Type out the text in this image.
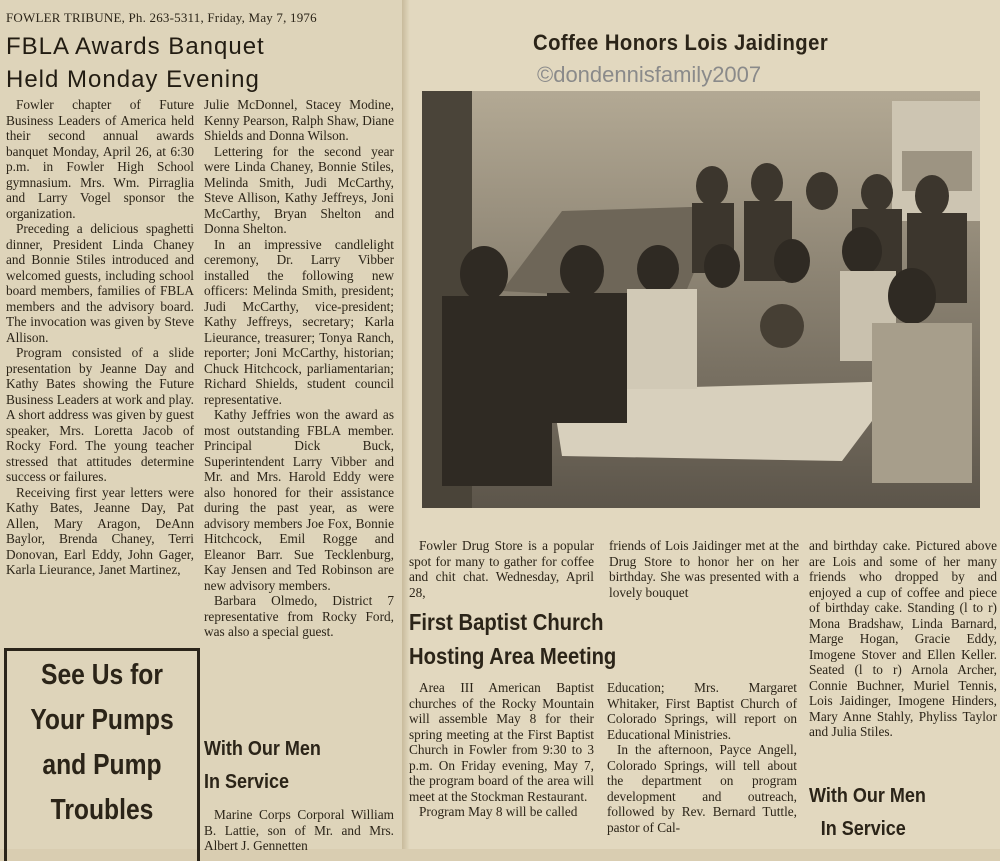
FOWLER TRIBUNE, Ph. 263-5311, Friday, May 7, 1976
FBLA Awards Banquet
Held Monday Evening

Fowler chapter of Future Business Leaders of America held their second annual awards banquet Monday, April 26, at 6:30 p.m. in Fowler High School gymnasium. Mrs. Wm. Pirraglia and Larry Vogel sponsor the organization.

Preceding a delicious spaghetti dinner, President Linda Chaney and Bonnie Stiles introduced and welcomed guests, including school board members, families of FBLA members and the advisory board. The invocation was given by Steve Allison.

Program consisted of a slide presentation by Jeanne Day and Kathy Bates showing the Future Business Leaders at work and play. A short address was given by guest speaker, Mrs. Loretta Jacob of Rocky Ford. The young teacher stressed that attitudes determine success or failures.

Receiving first year letters were Kathy Bates, Jeanne Day, Pat Allen, Mary Aragon, DeAnn Baylor, Brenda Chaney, Terri Donovan, Earl Eddy, John Gager, Karla Lieurance, Janet Martinez,

Julie McDonnel, Stacey Modine, Kenny Pearson, Ralph Shaw, Diane Shields and Donna Wilson.

Lettering for the second year were Linda Chaney, Bonnie Stiles, Melinda Smith, Judi McCarthy, Steve Allison, Kathy Jeffreys, Joni McCarthy, Bryan Shelton and Donna Shelton.

In an impressive candlelight ceremony, Dr. Larry Vibber installed the following new officers: Melinda Smith, president; Judi McCarthy, vice-president; Kathy Jeffreys, secretary; Karla Lieurance, treasurer; Tonya Ranch, reporter; Joni McCarthy, historian; Chuck Hitchcock, parliamentarian; Richard Shields, student council representative.

Kathy Jeffries won the award as most outstanding FBLA member. Principal Dick Buck, Superintendent Larry Vibber and Mr. and Mrs. Harold Eddy were also honored for their assistance during the past year, as were advisory members Joe Fox, Bonnie Hitchcock, Emil Rogge and Eleanor Barr. Sue Tecklenburg, Kay Jensen and Ted Robinson are new advisory members.

Barbara Olmedo, District 7 representative from Rocky Ford, was also a special guest.

See Us for
Your Pumps
and Pump
Troubles
With Our Men
In Service

Marine Corps Corporal William B. Lattie, son of Mr. and Mrs. Albert J. Gennetten

Coffee Honors Lois Jaidinger
©dondennisfamily2007

Fowler Drug Store is a popular spot for many to gather for coffee and chit chat. Wednesday, April 28,

friends of Lois Jaidinger met at the Drug Store to honor her on her birthday. She was presented with a lovely bouquet

and birthday cake. Pictured above are Lois and some of her many friends who dropped by and enjoyed a cup of coffee and piece of birthday cake. Standing (l to r) Mona Bradshaw, Linda Barnard, Marge Hogan, Gracie Eddy, Imogene Stover and Ellen Keller. Seated (l to r) Arnola Archer, Connie Buchner, Muriel Tennis, Lois Jaidinger, Imogene Hinders, Mary Anne Stahly, Phyliss Taylor and Julia Stiles.

First Baptist Church
Hosting Area Meeting

Area III American Baptist churches of the Rocky Mountain will assemble May 8 for their spring meeting at the First Baptist Church in Fowler from 9:30 to 3 p.m. On Friday evening, May 7, the program board of the area will meet at the Stockman Restaurant.

Program May 8 will be called

Education; Mrs. Margaret Whitaker, First Baptist Church of Colorado Springs, will report on Educational Ministries.

In the afternoon, Payce Angell, Colorado Springs, will tell about the department on program development and outreach, followed by Rev. Bernard Tuttle, pastor of Cal-

With Our Men
In Service
